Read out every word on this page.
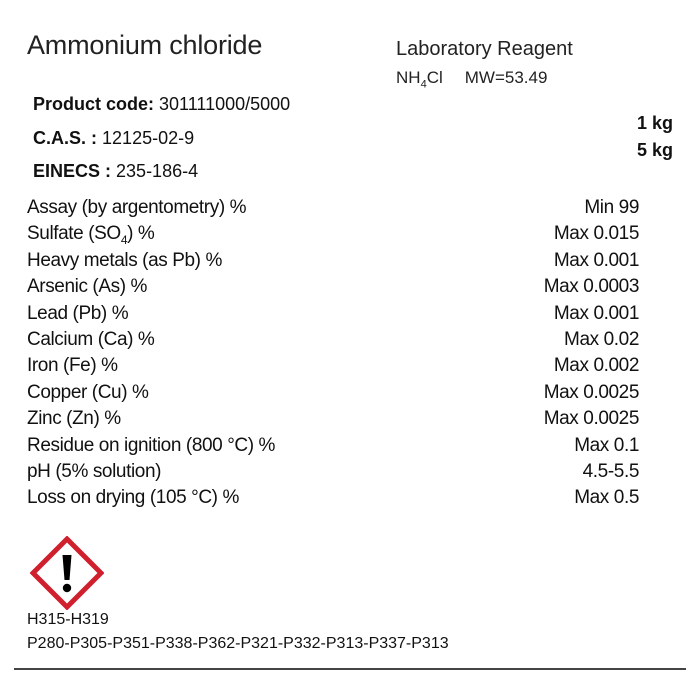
Ammonium chloride	Laboratory Reagent
$NH_4Cl$ MW=53.49
Product code: 301111000/5000
C.A.S. : 12125-02-9
EINECS : 235-186-4
1 kg
5 kg
Assay (by argentometry) %	Min 99
Sulfate $(SO_4)$ %	Max 0.015
Heavy metals (as Pb) %	Max 0.001
Arsenic (As) %	Max 0.0003
Lead (Pb) %	Max 0.001
Calcium (Ca) %	Max 0.02
Iron (Fe) %	Max 0.002
Copper (Cu) %	Max 0.0025
Zinc (Zn) %	Max 0.0025
Residue on ignition (800 °C) %	Max 0.1
pH (5% solution)	4.5-5.5
Loss on drying (105 °C) %	Max 0.5
H315-H319
P280-P305-P351-P338-P362-P321-P332-P313-P337-P313
